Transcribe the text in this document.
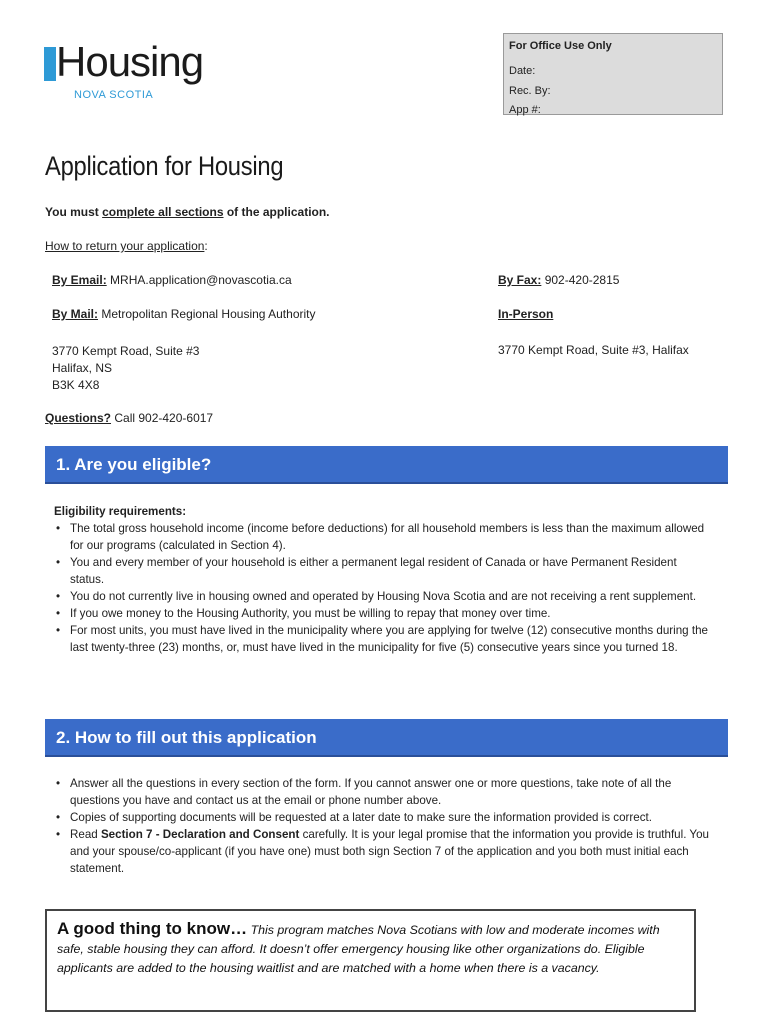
Housing
NOVA SCOTIA
For Office Use Only
Date:
Rec. By:
App #:
Application for Housing
You must complete all sections of the application.
How to return your application:
By Email: MRHA.application@novascotia.ca	By Fax: 902-420-2815
By Mail: Metropolitan Regional Housing Authority	In-Person
3770 Kempt Road, Suite #3
Halifax, NS
B3K 4X8
3770 Kempt Road, Suite #3, Halifax
Questions? Call 902-420-6017
1. Are you eligible?
Eligibility requirements:
• The total gross household income (income before deductions) for all household members is less than the maximum allowed for our programs (calculated in Section 4).
• You and every member of your household is either a permanent legal resident of Canada or have Permanent Resident status.
• You do not currently live in housing owned and operated by Housing Nova Scotia and are not receiving a rent supplement.
• If you owe money to the Housing Authority, you must be willing to repay that money over time.
• For most units, you must have lived in the municipality where you are applying for twelve (12) consecutive months during the last twenty-three (23) months, or, must have lived in the municipality for five (5) consecutive years since you turned 18.
2. How to fill out this application
• Answer all the questions in every section of the form. If you cannot answer one or more questions, take note of all the questions you have and contact us at the email or phone number above.
• Copies of supporting documents will be requested at a later date to make sure the information provided is correct.
• Read Section 7 - Declaration and Consent carefully. It is your legal promise that the information you provide is truthful. You and your spouse/co-applicant (if you have one) must both sign Section 7 of the application and you both must initial each statement.
A good thing to know… This program matches Nova Scotians with low and moderate incomes with safe, stable housing they can afford. It doesn’t offer emergency housing like other organizations do. Eligible applicants are added to the housing waitlist and are matched with a home when there is a vacancy.
